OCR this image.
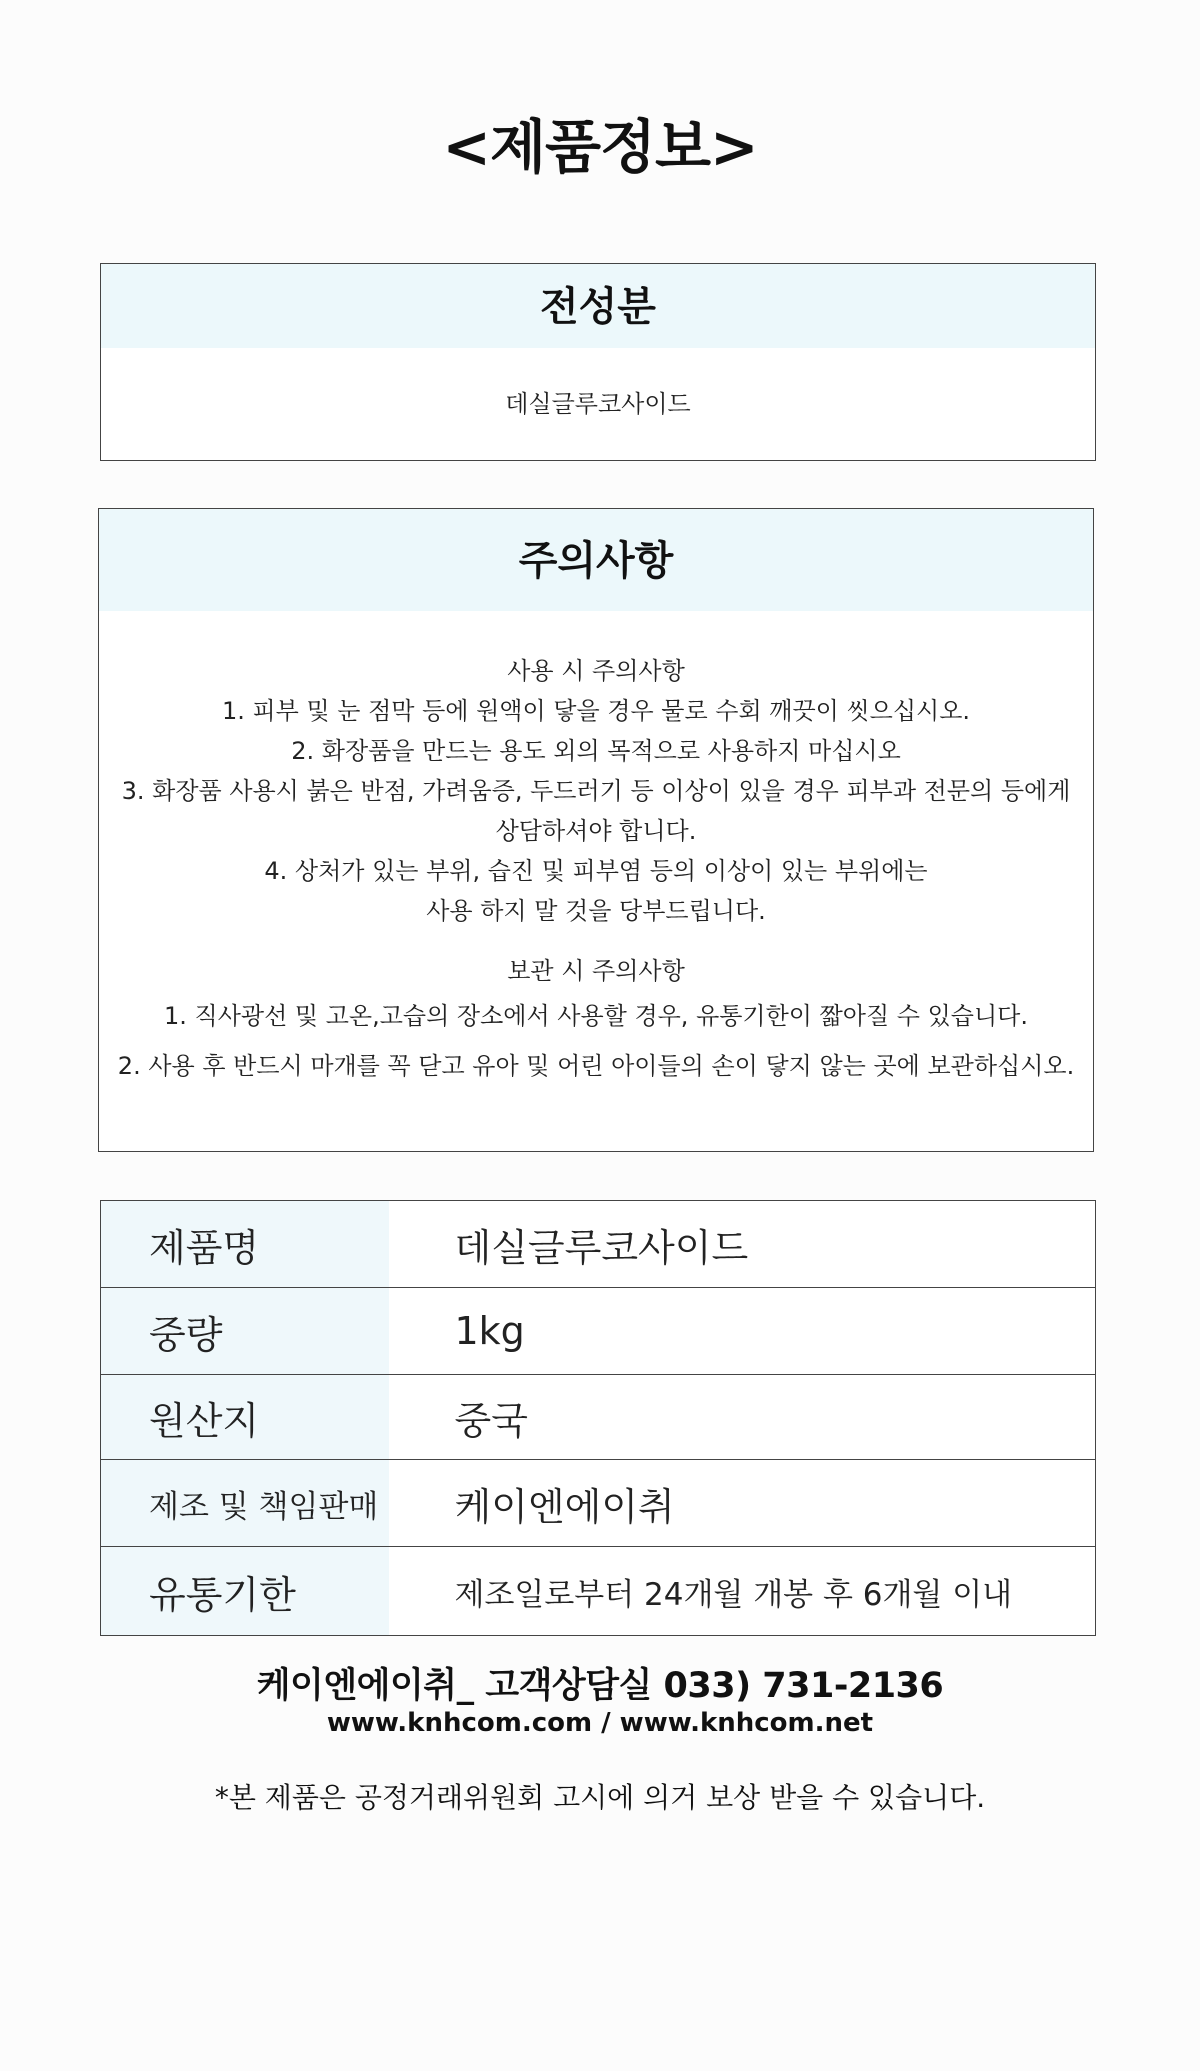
<제품정보>
전성분
데실글루코사이드
주의사항
사용 시 주의사항
1. 피부 및 눈 점막 등에 원액이 닿을 경우 물로 수회 깨끗이 씻으십시오.
2. 화장품을 만드는 용도 외의 목적으로 사용하지 마십시오
3. 화장품 사용시 붉은 반점, 가려움증, 두드러기 등 이상이 있을 경우 피부과 전문의 등에게
상담하셔야 합니다.
4. 상처가 있는 부위, 습진 및 피부염 등의 이상이 있는 부위에는
사용 하지 말 것을 당부드립니다.
보관 시 주의사항
1. 직사광선 및 고온,고습의 장소에서 사용할 경우, 유통기한이 짧아질 수 있습니다.
2. 사용 후 반드시 마개를 꼭 닫고 유아 및 어린 아이들의 손이 닿지 않는 곳에 보관하십시오.
제품명	데실글루코사이드
중량	1kg
원산지	중국
제조 및 책임판매	케이엔에이취
유통기한	제조일로부터 24개월 개봉 후 6개월 이내
케이엔에이취_ 고객상담실 033) 731-2136
www.knhcom.com / www.knhcom.net
*본 제품은 공정거래위원회 고시에 의거 보상 받을 수 있습니다.
